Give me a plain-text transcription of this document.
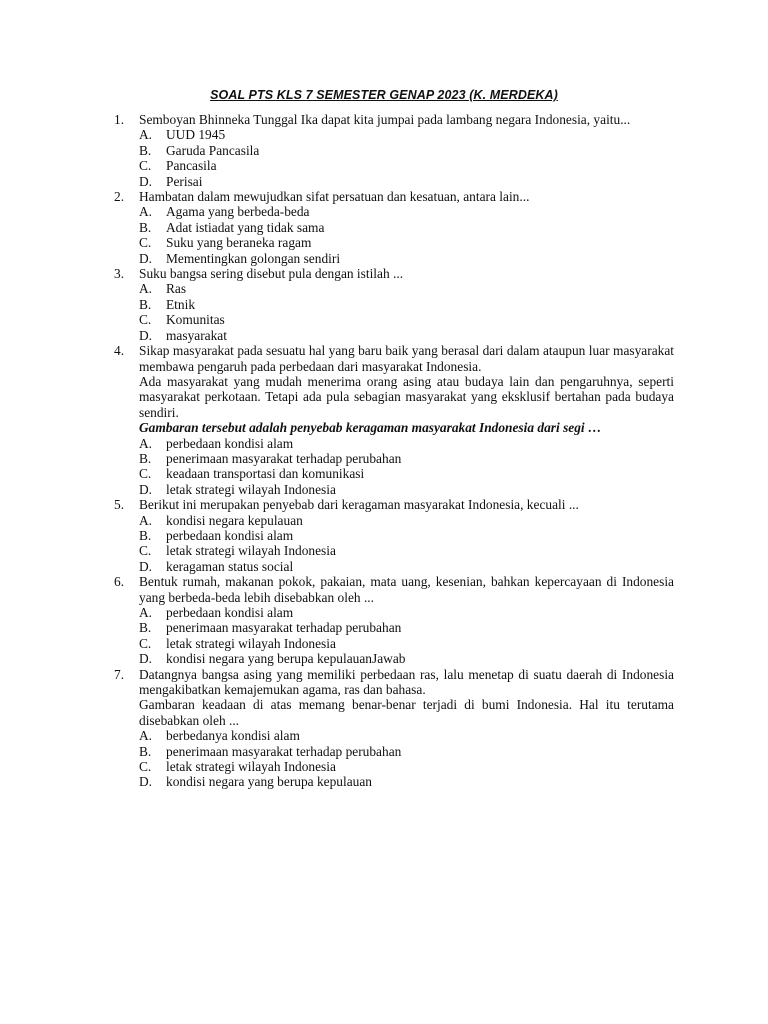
SOAL PTS KLS 7 SEMESTER GENAP 2023 (K. MERDEKA)
1. Semboyan Bhinneka Tunggal Ika dapat kita jumpai pada lambang negara Indonesia, yaitu...
A. UUD 1945
B. Garuda Pancasila
C. Pancasila
D. Perisai
2. Hambatan dalam mewujudkan sifat persatuan dan kesatuan, antara lain...
A. Agama yang berbeda-beda
B. Adat istiadat yang tidak sama
C. Suku yang beraneka ragam
D. Mementingkan golongan sendiri
3. Suku bangsa sering disebut pula dengan istilah ...
A. Ras
B. Etnik
C. Komunitas
D. masyarakat
4. Sikap masyarakat pada sesuatu hal yang baru baik yang berasal dari dalam ataupun luar masyarakat membawa pengaruh pada perbedaan dari masyarakat Indonesia.
Ada masyarakat yang mudah menerima orang asing atau budaya lain dan pengaruhnya, seperti masyarakat perkotaan. Tetapi ada pula sebagian masyarakat yang eksklusif bertahan pada budaya sendiri.
Gambaran tersebut adalah penyebab keragaman masyarakat Indonesia dari segi …
A. perbedaan kondisi alam
B. penerimaan masyarakat terhadap perubahan
C. keadaan transportasi dan komunikasi
D. letak strategi wilayah Indonesia
5. Berikut ini merupakan penyebab dari keragaman masyarakat Indonesia, kecuali ...
A. kondisi negara kepulauan
B. perbedaan kondisi alam
C. letak strategi wilayah Indonesia
D. keragaman status social
6. Bentuk rumah, makanan pokok, pakaian, mata uang, kesenian, bahkan kepercayaan di Indonesia yang berbeda-beda lebih disebabkan oleh ...
A. perbedaan kondisi alam
B. penerimaan masyarakat terhadap perubahan
C. letak strategi wilayah Indonesia
D. kondisi negara yang berupa kepulauanJawab
7. Datangnya bangsa asing yang memiliki perbedaan ras, lalu menetap di suatu daerah di Indonesia mengakibatkan kemajemukan agama, ras dan bahasa.
Gambaran keadaan di atas memang benar-benar terjadi di bumi Indonesia. Hal itu terutama disebabkan oleh ...
A. berbedanya kondisi alam
B. penerimaan masyarakat terhadap perubahan
C. letak strategi wilayah Indonesia
D. kondisi negara yang berupa kepulauan
